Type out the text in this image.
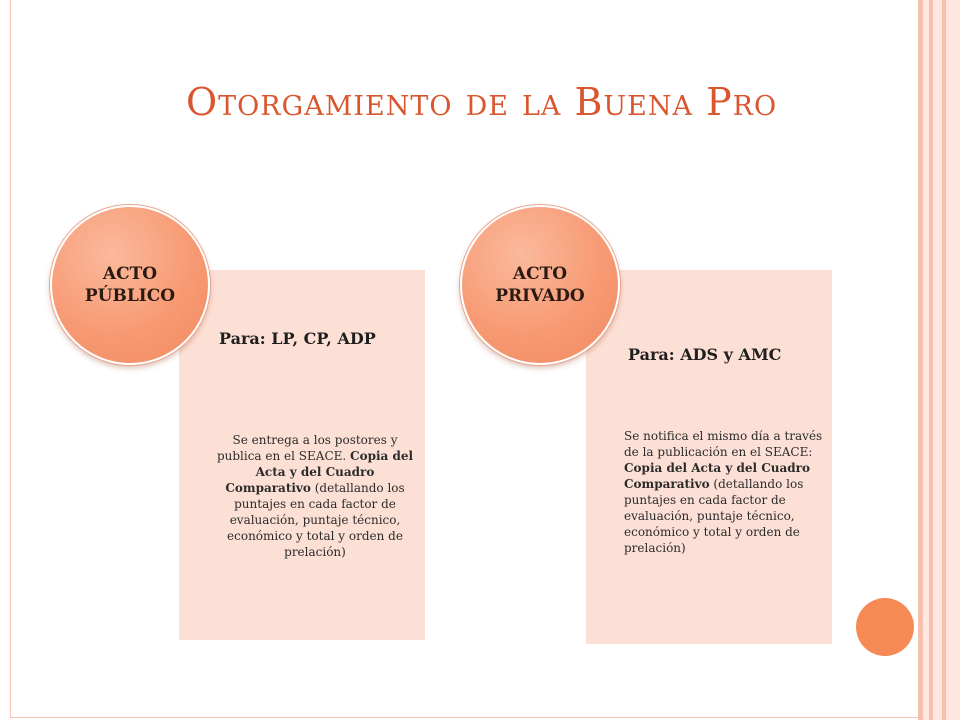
Otorgamiento de la Buena Pro
Para: LP, CP, ADP
Se entrega a los postores y publica en el SEACE. Copia del Acta y del Cuadro Comparativo (detallando los puntajes en cada factor de evaluación, puntaje técnico, económico y total y orden de prelación)
ACTO
PÚBLICO
Para: ADS y AMC
Se notifica el mismo día a través de la publicación en el SEACE: Copia del Acta y del Cuadro Comparativo (detallando los puntajes en cada factor de evaluación, puntaje técnico, económico y total y orden de prelación)
ACTO
PRIVADO
